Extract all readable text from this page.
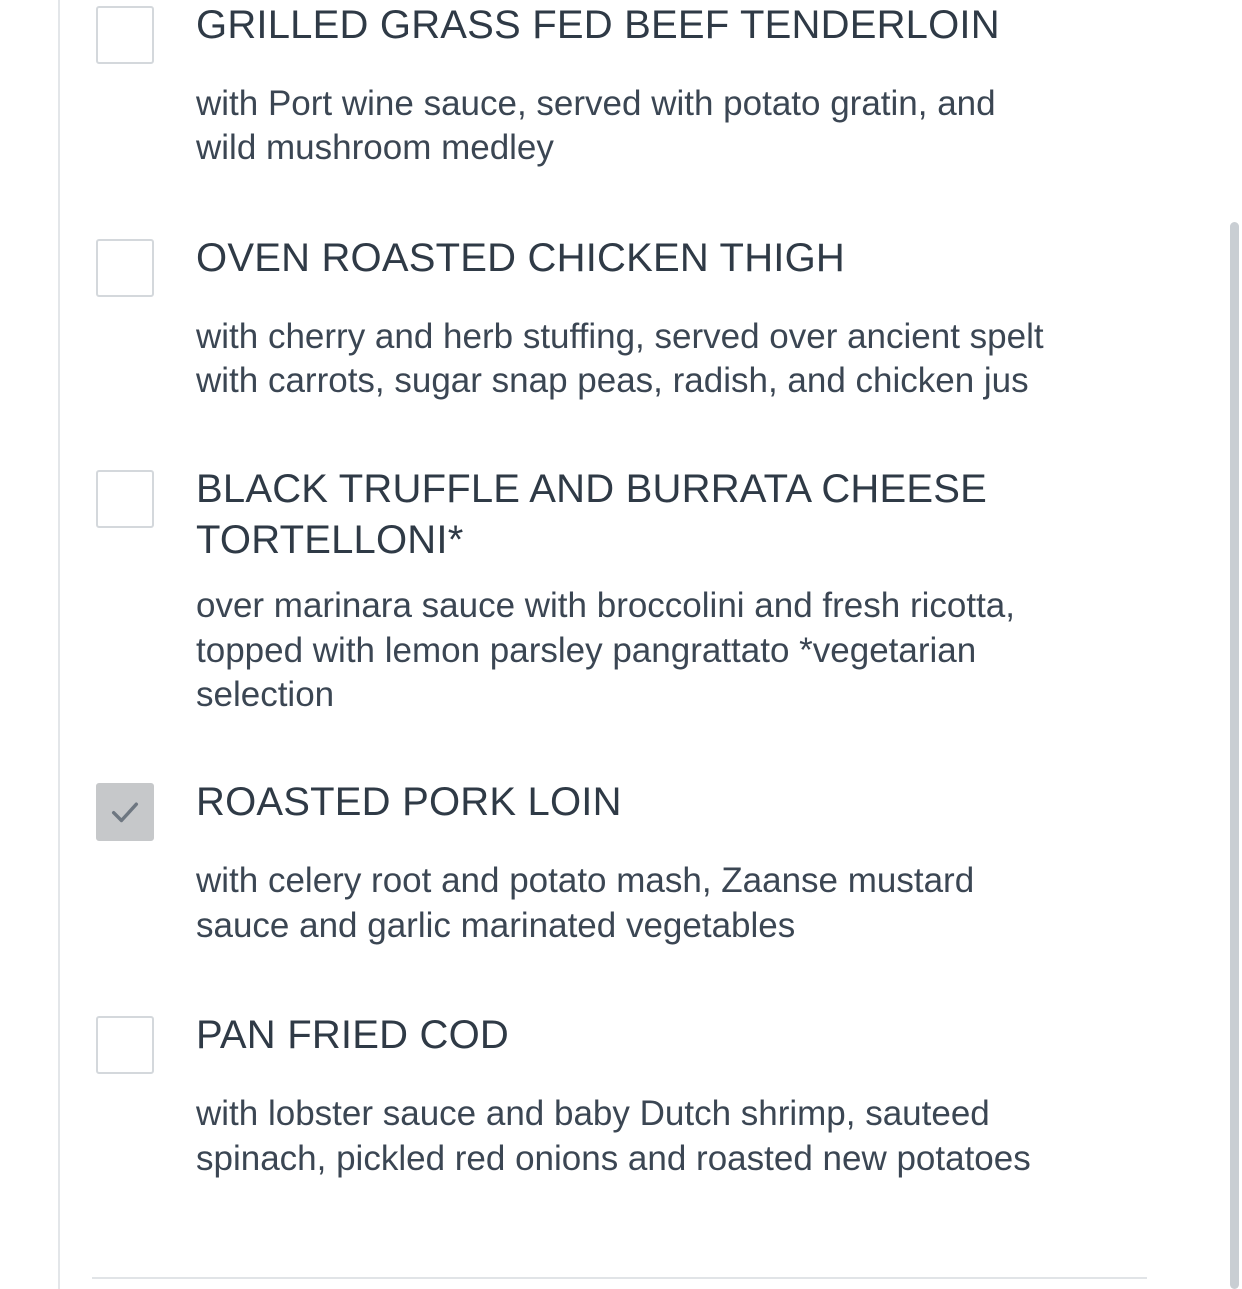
GRILLED GRASS FED BEEF TENDERLOIN
with Port wine sauce, served with potato gratin, and wild mushroom medley
OVEN ROASTED CHICKEN THIGH
with cherry and herb stuffing, served over ancient spelt with carrots, sugar snap peas, radish, and chicken jus
BLACK TRUFFLE AND BURRATA CHEESE TORTELLONI*
over marinara sauce with broccolini and fresh ricotta, topped with lemon parsley pangrattato *vegetarian selection
ROASTED PORK LOIN
with celery root and potato mash, Zaanse mustard sauce and garlic marinated vegetables
PAN FRIED COD
with lobster sauce and baby Dutch shrimp, sauteed spinach, pickled red onions and roasted new potatoes
